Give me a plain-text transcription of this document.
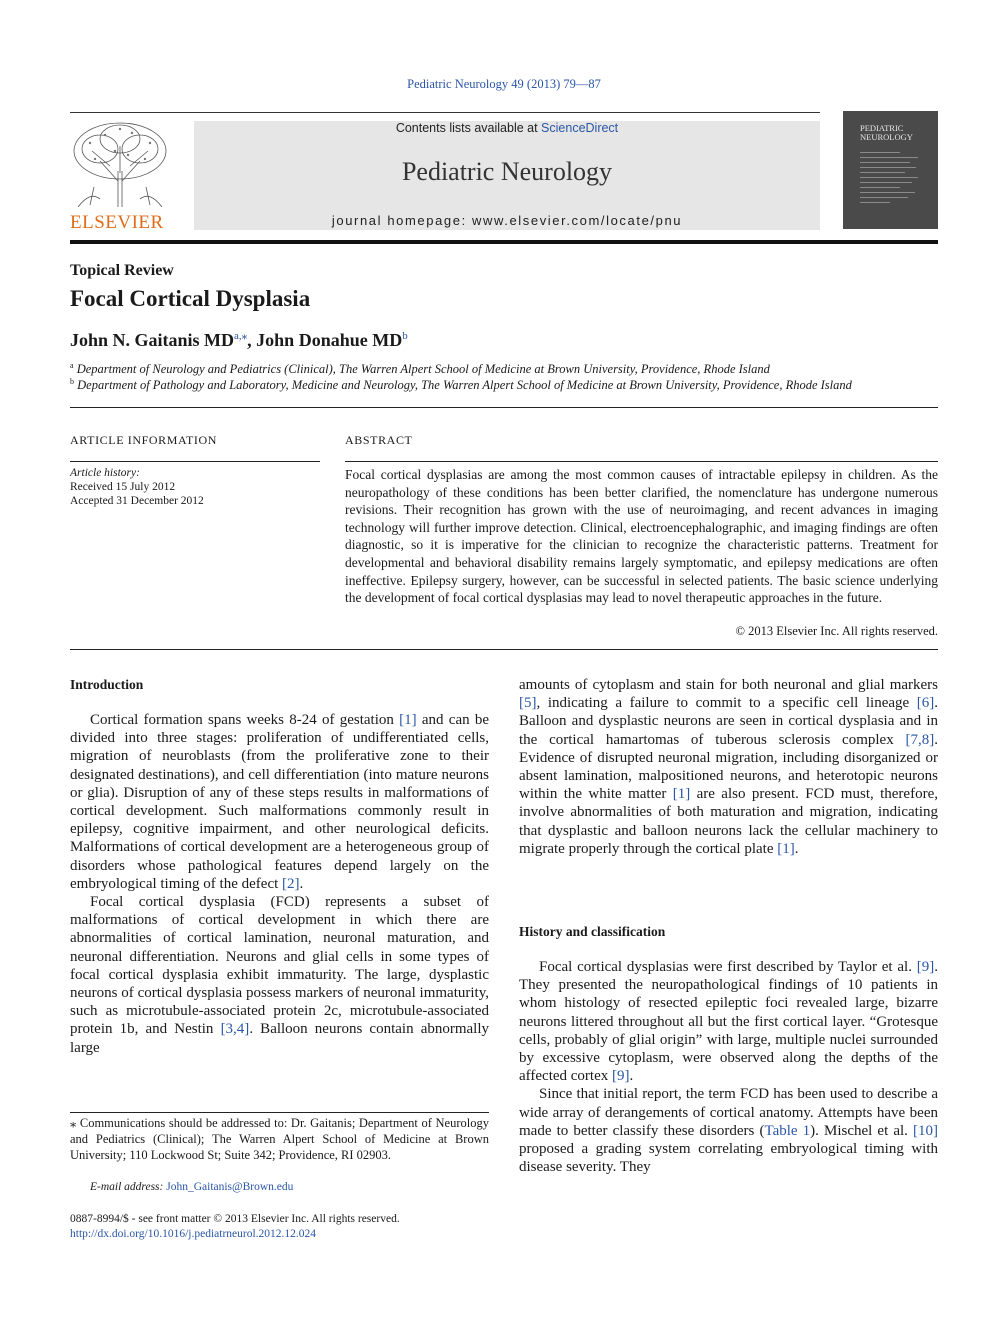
Pediatric Neurology 49 (2013) 79—87
ELSEVIER
Contents lists available at ScienceDirect
Pediatric Neurology
journal homepage: www.elsevier.com/locate/pnu
PEDIATRIC
NEUROLOGY
Topical Review
Focal Cortical Dysplasia
John N. Gaitanis $MD^{a,⁎}$, John Donahue $MD^b$
$^a$ Department of Neurology and Pediatrics (Clinical), The Warren Alpert School of Medicine at Brown University, Providence, Rhode Island
$^b$ Department of Pathology and Laboratory, Medicine and Neurology, The Warren Alpert School of Medicine at Brown University, Providence, Rhode Island
ARTICLE INFORMATION	ABSTRACT
Article history:
Received 15 July 2012
Accepted 31 December 2012
Focal cortical dysplasias are among the most common causes of intractable epilepsy in children. As the neuropathology of these conditions has been better clarified, the nomenclature has undergone numerous revisions. Their recognition has grown with the use of neuroimaging, and recent advances in imaging technology will further improve detection. Clinical, electroencephalographic, and imaging findings are often diagnostic, so it is imperative for the clinician to recognize the characteristic patterns. Treatment for developmental and behavioral disability remains largely symptomatic, and epilepsy medications are often ineffective. Epilepsy surgery, however, can be successful in selected patients. The basic science underlying the development of focal cortical dysplasias may lead to novel therapeutic approaches in the future.
© 2013 Elsevier Inc. All rights reserved.
Introduction

Cortical formation spans weeks 8-24 of gestation [1] and can be divided into three stages: proliferation of undifferentiated cells, migration of neuroblasts (from the proliferative zone to their designated destinations), and cell differentiation (into mature neurons or glia). Disruption of any of these steps results in malformations of cortical development. Such malformations commonly result in epilepsy, cognitive impairment, and other neurological deficits. Malformations of cortical development are a heterogeneous group of disorders whose pathological features depend largely on the embryological timing of the defect [2].

Focal cortical dysplasia (FCD) represents a subset of malformations of cortical development in which there are abnormalities of cortical lamination, neuronal maturation, and neuronal differentiation. Neurons and glial cells in some types of focal cortical dysplasia exhibit immaturity. The large, dysplastic neurons of cortical dysplasia possess markers of neuronal immaturity, such as microtubule-associated protein 2c, microtubule-associated protein 1b, and Nestin [3,4]. Balloon neurons contain abnormally large

amounts of cytoplasm and stain for both neuronal and glial markers [5], indicating a failure to commit to a specific cell lineage [6]. Balloon and dysplastic neurons are seen in cortical dysplasia and in the cortical hamartomas of tuberous sclerosis complex [7,8]. Evidence of disrupted neuronal migration, including disorganized or absent lamination, malpositioned neurons, and heterotopic neurons within the white matter [1] are also present. FCD must, therefore, involve abnormalities of both maturation and migration, indicating that dysplastic and balloon neurons lack the cellular machinery to migrate properly through the cortical plate [1].

History and classification

Focal cortical dysplasias were first described by Taylor et al. [9]. They presented the neuropathological findings of 10 patients in whom histology of resected epileptic foci revealed large, bizarre neurons littered throughout all but the first cortical layer. “Grotesque cells, probably of glial origin” with large, multiple nuclei surrounded by excessive cytoplasm, were observed along the depths of the affected cortex [9].

Since that initial report, the term FCD has been used to describe a wide array of derangements of cortical anatomy. Attempts have been made to better classify these disorders (Table 1). Mischel et al. [10] proposed a grading system correlating embryological timing with disease severity. They

⁎ Communications should be addressed to: Dr. Gaitanis; Department of Neurology and Pediatrics (Clinical); The Warren Alpert School of Medicine at Brown University; 110 Lockwood St; Suite 342; Providence, RI 02903.
E-mail address: John_Gaitanis@Brown.edu
0887-8994/$ - see front matter © 2013 Elsevier Inc. All rights reserved.
http://dx.doi.org/10.1016/j.pediatrneurol.2012.12.024
